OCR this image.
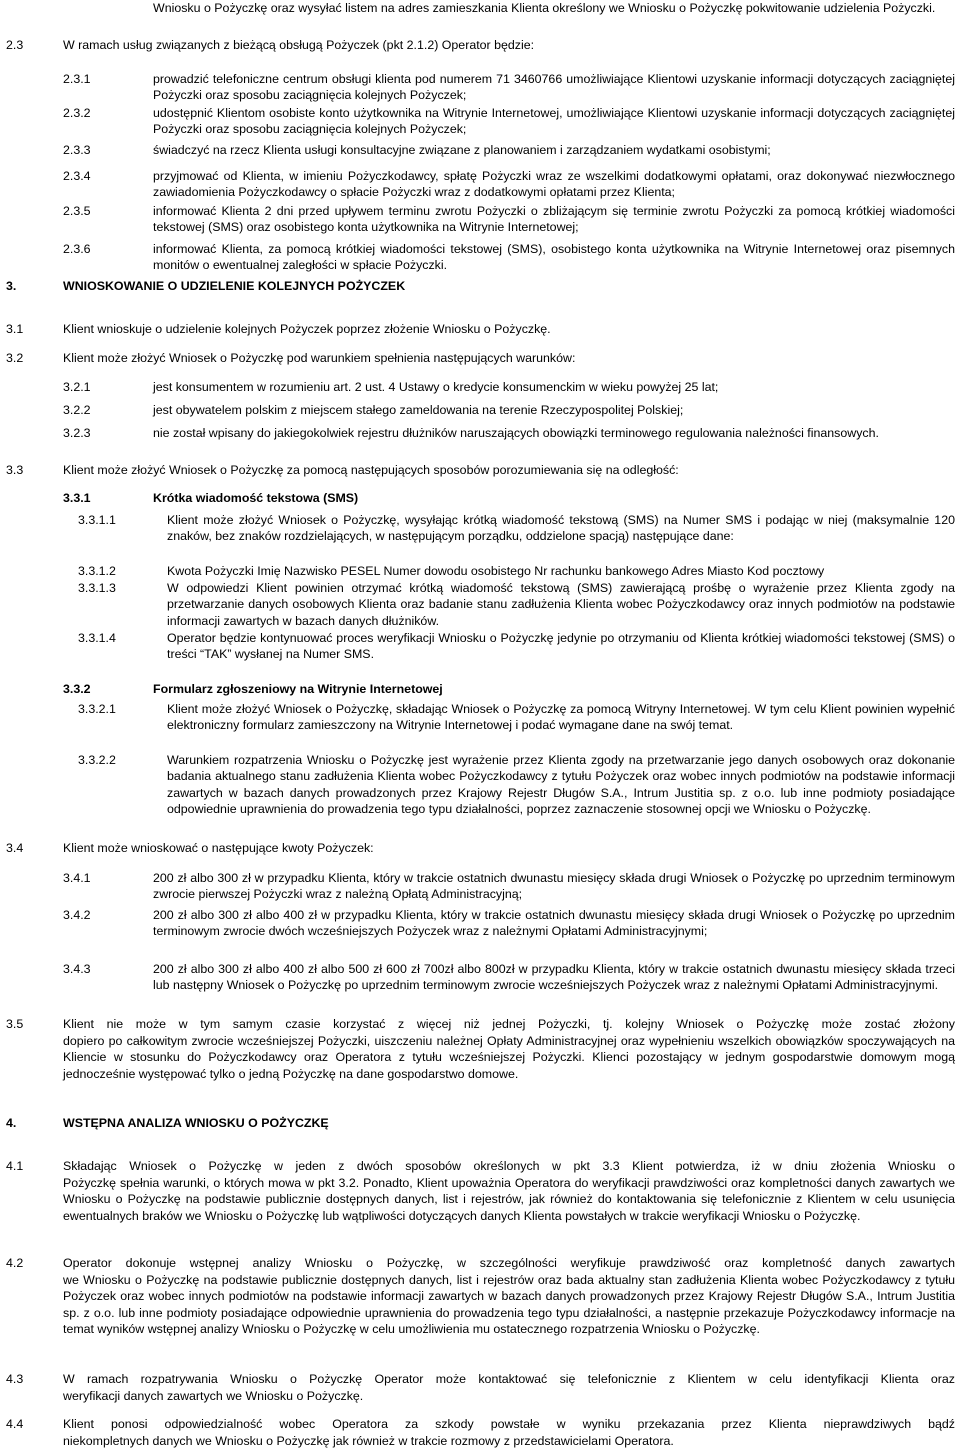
Wniosku o Pożyczkę oraz wysyłać listem na adres zamieszkania Klienta określony we Wniosku o Pożyczkę pokwitowanie udzielenia Pożyczki.
2.3	W ramach usług związanych z bieżącą obsługą Pożyczek (pkt 2.1.2) Operator będzie:
2.3.1	prowadzić telefoniczne centrum obsługi klienta pod numerem 71 3460766 umożliwiające Klientowi uzyskanie informacji dotyczących zaciągniętej Pożyczki oraz sposobu zaciągnięcia kolejnych Pożyczek;
2.3.2	udostępnić Klientom osobiste konto użytkownika na Witrynie Internetowej, umożliwiające Klientowi uzyskanie informacji dotyczących zaciągniętej Pożyczki oraz sposobu zaciągnięcia kolejnych Pożyczek;
2.3.3	świadczyć na rzecz Klienta usługi konsultacyjne związane z planowaniem i zarządzaniem wydatkami osobistymi;
2.3.4	przyjmować od Klienta, w imieniu Pożyczkodawcy, spłatę Pożyczki wraz ze wszelkimi dodatkowymi opłatami, oraz dokonywać niezwłocznego zawiadomienia Pożyczkodawcy o spłacie Pożyczki wraz z dodatkowymi opłatami przez Klienta;
2.3.5	informować Klienta 2 dni przed upływem terminu zwrotu Pożyczki o zbliżającym się terminie zwrotu Pożyczki za pomocą krótkiej wiadomości tekstowej (SMS) oraz osobistego konta użytkownika na Witrynie Internetowej;
2.3.6	informować Klienta, za pomocą krótkiej wiadomości tekstowej (SMS), osobistego konta użytkownika na Witrynie Internetowej oraz pisemnych monitów o ewentualnej zaległości w spłacie Pożyczki.
3.	WNIOSKOWANIE O UDZIELENIE KOLEJNYCH POŻYCZEK
3.1	Klient wnioskuje o udzielenie kolejnych Pożyczek poprzez złożenie Wniosku o Pożyczkę.
3.2	Klient może złożyć Wniosek o Pożyczkę pod warunkiem spełnienia następujących warunków:
3.2.1	jest konsumentem w rozumieniu art. 2 ust. 4 Ustawy o kredycie konsumenckim w wieku powyżej 25 lat;
3.2.2	jest obywatelem polskim z miejscem stałego zameldowania na terenie Rzeczypospolitej Polskiej;
3.2.3	nie został wpisany do jakiegokolwiek rejestru dłużników naruszających obowiązki terminowego regulowania należności finansowych.
3.3	Klient może złożyć Wniosek o Pożyczkę za pomocą następujących sposobów porozumiewania się na odległość:
3.3.1	Krótka wiadomość tekstowa (SMS)
3.3.1.1	Klient może złożyć Wniosek o Pożyczkę, wysyłając krótką wiadomość tekstową (SMS) na Numer SMS i podając w niej (maksymalnie 120 znaków, bez znaków rozdzielających, w następującym porządku, oddzielone spacją) następujące dane:
3.3.1.2	Kwota Pożyczki Imię Nazwisko PESEL Numer dowodu osobistego Nr rachunku bankowego Adres Miasto Kod pocztowy
3.3.1.3	W odpowiedzi Klient powinien otrzymać krótką wiadomość tekstową (SMS) zawierającą prośbę o wyrażenie przez Klienta zgody na przetwarzanie danych osobowych Klienta oraz badanie stanu zadłużenia Klienta wobec Pożyczkodawcy oraz innych podmiotów na podstawie informacji zawartych w bazach danych dłużników.
3.3.1.4	Operator będzie kontynuować proces weryfikacji Wniosku o Pożyczkę jedynie po otrzymaniu od Klienta krótkiej wiadomości tekstowej (SMS) o treści “TAK” wysłanej na Numer SMS.
3.3.2	Formularz zgłoszeniowy na Witrynie Internetowej
3.3.2.1	Klient może złożyć Wniosek o Pożyczkę, składając Wniosek o Pożyczkę za pomocą Witryny Internetowej. W tym celu Klient powinien wypełnić elektroniczny formularz zamieszczony na Witrynie Internetowej i podać wymagane dane na swój temat.
3.3.2.2	Warunkiem rozpatrzenia Wniosku o Pożyczkę jest wyrażenie przez Klienta zgody na przetwarzanie jego danych osobowych oraz dokonanie badania aktualnego stanu zadłużenia Klienta wobec Pożyczkodawcy z tytułu Pożyczek oraz wobec innych podmiotów na podstawie informacji zawartych w bazach danych prowadzonych przez Krajowy Rejestr Długów S.A., Intrum Justitia sp. z o.o. lub inne podmioty posiadające odpowiednie uprawnienia do prowadzenia tego typu działalności, poprzez zaznaczenie stosownej opcji we Wniosku o Pożyczkę.
3.4	Klient może wnioskować o następujące kwoty Pożyczek:
3.4.1	200 zł albo 300 zł w przypadku Klienta, który w trakcie ostatnich dwunastu miesięcy składa drugi Wniosek o Pożyczkę po uprzednim terminowym zwrocie pierwszej Pożyczki wraz z należną Opłatą Administracyjną;
3.4.2	200 zł albo 300 zł albo 400 zł w przypadku Klienta, który w trakcie ostatnich dwunastu miesięcy składa drugi Wniosek o Pożyczkę po uprzednim terminowym zwrocie dwóch wcześniejszych Pożyczek wraz z należnymi Opłatami Administracyjnymi;
3.4.3	200 zł albo 300 zł albo 400 zł albo 500 zł 600 zł 700zł albo 800zł w przypadku Klienta, który w trakcie ostatnich dwunastu miesięcy składa trzeci lub następny Wniosek o Pożyczkę po uprzednim terminowym zwrocie wcześniejszych Pożyczek wraz z należnymi Opłatami Administracyjnymi.
3.5	Klient nie może w tym samym czasie korzystać z więcej niż jednej Pożyczki, tj. kolejny Wniosek o Pożyczkę może zostać złożony
dopiero po całkowitym zwrocie wcześniejszej Pożyczki, uiszczeniu należnej Opłaty Administracyjnej oraz wypełnieniu wszelkich obowiązków spoczywających na Kliencie w stosunku do Pożyczkodawcy oraz Operatora z tytułu wcześniejszej Pożyczki. Klienci pozostający w jednym gospodarstwie domowym mogą jednocześnie występować tylko o jedną Pożyczkę na dane gospodarstwo domowe.
4.	WSTĘPNA ANALIZA WNIOSKU O POŻYCZKĘ
4.1	Składając Wniosek o Pożyczkę w jeden z dwóch sposobów określonych w pkt 3.3 Klient potwierdza, iż w dniu złożenia Wniosku o
Pożyczkę spełnia warunki, o których mowa w pkt 3.2. Ponadto, Klient upoważnia Operatora do weryfikacji prawdziwości oraz kompletności danych zawartych we Wniosku o Pożyczkę na podstawie publicznie dostępnych danych, list i rejestrów, jak również do kontaktowania się telefonicznie z Klientem w celu usunięcia ewentualnych braków we Wniosku o Pożyczkę lub wątpliwości dotyczących danych Klienta powstałych w trakcie weryfikacji Wniosku o Pożyczkę.
4.2	Operator dokonuje wstępnej analizy Wniosku o Pożyczkę, w szczególności weryfikuje prawdziwość oraz kompletność danych zawartych
we Wniosku o Pożyczkę na podstawie publicznie dostępnych danych, list i rejestrów oraz bada aktualny stan zadłużenia Klienta wobec Pożyczkodawcy z tytułu Pożyczek oraz wobec innych podmiotów na podstawie informacji zawartych w bazach danych prowadzonych przez Krajowy Rejestr Długów S.A., Intrum Justitia sp. z o.o. lub inne podmioty posiadające odpowiednie uprawnienia do prowadzenia tego typu działalności, a następnie przekazuje Pożyczkodawcy informacje na temat wyników wstępnej analizy Wniosku o Pożyczkę w celu umożliwienia mu ostatecznego rozpatrzenia Wniosku o Pożyczkę.
4.3	W ramach rozpatrywania Wniosku o Pożyczkę Operator może kontaktować się telefonicznie z Klientem w celu identyfikacji Klienta oraz
weryfikacji danych zawartych we Wniosku o Pożyczkę.
4.4	Klient ponosi odpowiedzialność wobec Operatora za szkody powstałe w wyniku przekazania przez Klienta nieprawdziwych bądź
niekompletnych danych we Wniosku o Pożyczkę jak również w trakcie rozmowy z przedstawicielami Operatora.
